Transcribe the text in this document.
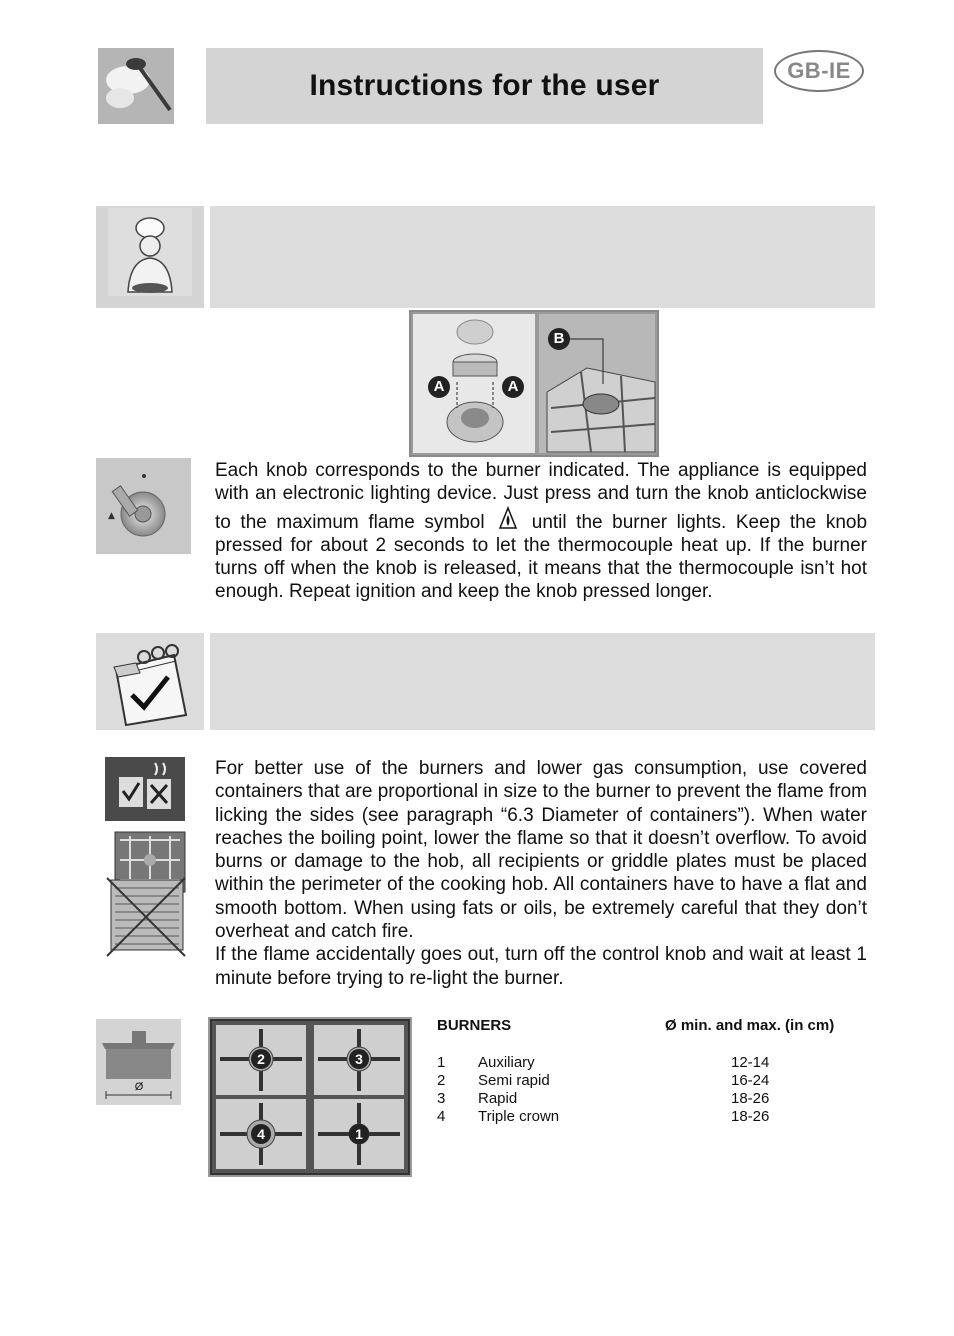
Instructions for the user	GB-IE
A	A
B
▲
Each knob corresponds to the burner indicated. The appliance is equipped with an electronic lighting device. Just press and turn the knob anticlockwise to the maximum flame symbol until the burner lights. Keep the knob pressed for about 2 seconds to let the thermocouple heat up. If the burner turns off when the knob is released, it means that the thermocouple isn’t hot enough. Repeat ignition and keep the knob pressed longer.
For better use of the burners and lower gas consumption, use covered containers that are proportional in size to the burner to prevent the flame from licking the sides (see paragraph “6.3 Diameter of containers”). When water reaches the boiling point, lower the flame so that it doesn’t overflow. To avoid burns or damage to the hob, all recipients or griddle plates must be placed within the perimeter of the cooking hob. All containers have to have a flat and smooth bottom. When using fats or oils, be extremely careful that they don’t overheat and catch fire.
If the flame accidentally goes out, turn off the control knob and wait at least 1 minute before trying to re-light the burner.
Ø
2	3
4	1
BURNERS	Ø min. and max. (in cm)
1 Auxiliary	12-14
2 Semi rapid	16-24
3 Rapid	18-26
4 Triple crown	18-26
